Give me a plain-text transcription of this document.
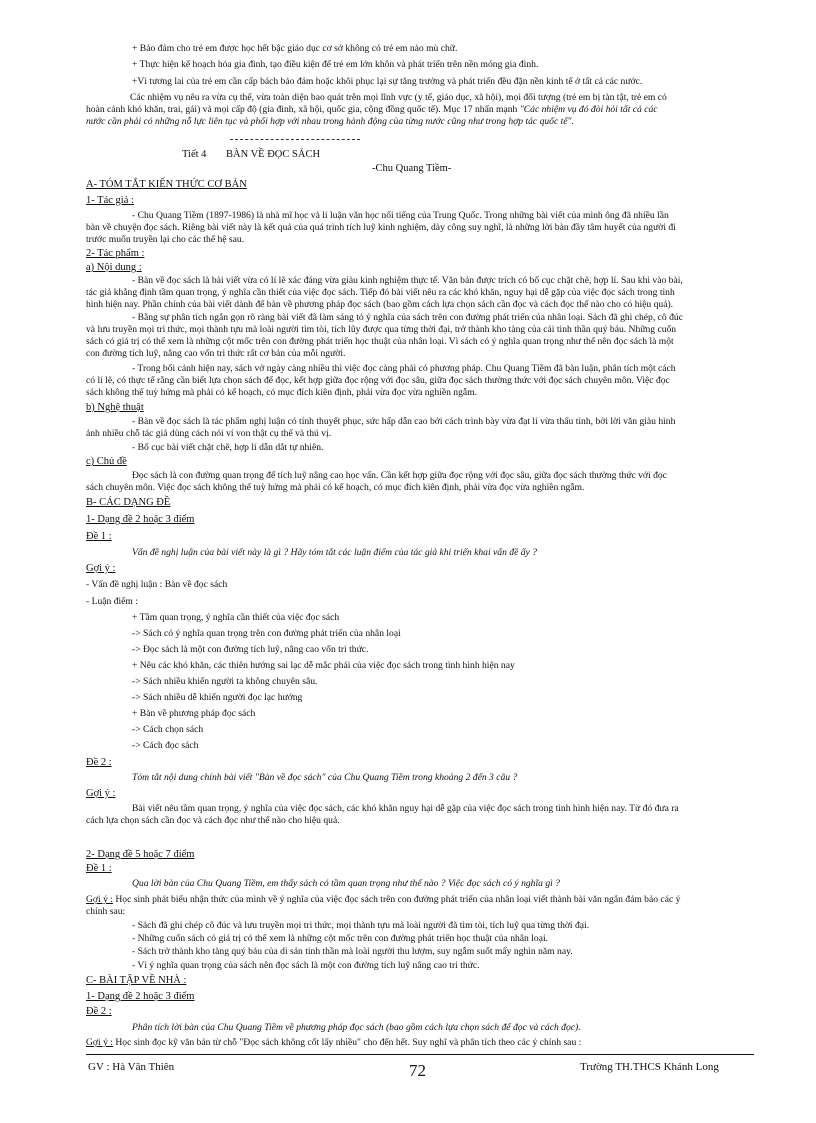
+ Bảo đảm cho trẻ em được học hết bậc giáo dục cơ sở không có trẻ em nào mù chữ.
+ Thực hiện kế hoạch hóa gia đình, tạo điều kiện để trẻ em lớn khôn và phát triển trên nền móng gia đình.
+Vì tương lai của trẻ em cần cấp bách bảo đảm hoặc khôi phục lại sự tăng trưởng và phát triển đều đặn nền kinh tế ở tất cả các nước.
Các nhiệm vụ nêu ra vừa cụ thể, vừa toàn diện bao quát trên mọi lĩnh vực (y tế, giáo dục, xã hội), mọi đối tượng (trẻ em bị tàn tật, trẻ em có
hoàn cảnh khó khăn, trai, gái) và mọi cấp độ (gia đình, xã hội, quốc gia, cộng đồng quốc tế). Mục 17 nhấn mạnh "Các nhiệm vụ đó đòi hỏi tất cả các
nước cần phải có những nỗ lực liên tục và phối hợp với nhau trong hành động của từng nước cũng như trong hợp tác quốc tế".
Tiết 4 BÀN VỀ ĐỌC SÁCH
-Chu Quang Tiềm-
A- TÓM TẮT KIẾN THỨC CƠ BẢN
1- Tác giả :
- Chu Quang Tiềm (1897-1986) là nhà mĩ học và lí luận văn học nổi tiếng của Trung Quốc. Trong những bài viết của mình ông đã nhiều lần
bàn về chuyện đọc sách. Riêng bài viết này là kết quả của quá trình tích luỹ kinh nghiệm, dày công suy nghĩ, là những lời bàn đầy tâm huyết của người đi
trước muốn truyền lại cho các thế hệ sau.
2- Tác phẩm :
a) Nội dung :
- Bàn về đọc sách là bài viết vừa có lí lẽ xác đáng vừa giàu kinh nghiệm thực tế. Văn bản được trích có bố cục chặt chẽ, hợp lí. Sau khi vào bài,
tác giả khẳng định tầm quan trọng, ý nghĩa cần thiết của việc đọc sách. Tiếp đó bài viết nêu ra các khó khăn, nguy hại dễ gặp của việc đọc sách trong tình
hình hiện nay. Phần chính của bài viết dành để bàn về phương pháp đọc sách (bao gồm cách lựa chọn sách cần đọc và cách đọc thế nào cho có hiệu quả).
- Bằng sự phân tích ngắn gọn rõ ràng bài viết đã làm sáng tỏ ý nghĩa của sách trên con đường phát triển của nhân loại. Sách đã ghi chép, cô đúc
và lưu truyền mọi tri thức, mọi thành tựu mà loài người tìm tòi, tích lũy được qua từng thời đại, trở thành kho tàng của cải tinh thần quý báu. Những cuốn
sách có giá trị có thể xem là những cột mốc trên con đường phát triển học thuật của nhân loại. Vì sách có ý nghĩa quan trọng như thế nên đọc sách là một
con đường tích luỹ, nâng cao vốn tri thức rất cơ bản của mỗi người.
- Trong bối cảnh hiện nay, sách vở ngày càng nhiều thì việc đọc càng phải có phương pháp. Chu Quang Tiềm đã bàn luận, phân tích một cách
có lí lẽ, có thực tế rằng cần biết lựa chọn sách để đọc, kết hợp giữa đọc rộng với đọc sâu, giữa đọc sách thường thức với đọc sách chuyên môn. Việc đọc
sách không thể tuỳ hứng mà phải có kế hoạch, có mục đích kiên định, phải vừa đọc vừa nghiền ngẫm.
b) Nghệ thuật
- Bàn về đọc sách là tác phẩm nghị luận có tính thuyết phục, sức hấp dẫn cao bởi cách trình bày vừa đạt lí vừa thấu tình, bởi lời văn giàu hình
ảnh nhiều chỗ tác giả dùng cách nói ví von thật cụ thể và thú vị.
- Bố cục bài viết chặt chẽ, hợp lí dẫn dắt tự nhiên.
c) Chủ đề
Đọc sách là con đường quan trọng để tích luỹ nâng cao học vấn. Cần kết hợp giữa đọc rộng với đọc sâu, giữa đọc sách thường thức với đọc
sách chuyên môn. Việc đọc sách không thể tuỳ hứng mà phải có kế hoạch, có mục đích kiên định, phải vừa đọc vừa nghiền ngẫm.
B- CÁC DẠNG ĐỀ
1- Dạng đề 2 hoặc 3 điểm
Đề 1 :
Vấn đề nghị luận của bài viết này là gì ? Hãy tóm tắt các luận điểm của tác giả khi triển khai vấn đề ấy ?
Gợi ý :
- Vấn đề nghị luận : Bàn về đọc sách
- Luận điểm :
+ Tầm quan trọng, ý nghĩa cần thiết của việc đọc sách
-> Sách có ý nghĩa quan trọng trên con đường phát triển của nhân loại
-> Đọc sách là một con đường tích luỹ, nâng cao vốn tri thức.
+ Nêu các khó khăn, các thiên hướng sai lạc dễ mắc phải của việc đọc sách trong tình hình hiện nay
-> Sách nhiều khiến người ta không chuyên sâu.
-> Sách nhiều dễ khiến người đọc lạc hướng
+ Bàn về phương pháp đọc sách
-> Cách chọn sách
-> Cách đọc sách
Đề 2 :
Tóm tắt nội dung chính bài viết "Bàn về đọc sách" của Chu Quang Tiềm trong khoảng 2 đến 3 câu ?
Gợi ý :
Bài viết nêu tầm quan trọng, ý nghĩa của việc đọc sách, các khó khăn nguy hại dễ gặp của việc đọc sách trong tình hình hiện nay. Từ đó đưa ra
cách lựa chọn sách cần đọc và cách đọc như thế nào cho hiệu quả.
2- Dạng đề 5 hoặc 7 điểm
Đề 1 :
Qua lời bàn của Chu Quang Tiềm, em thấy sách có tầm quan trọng như thế nào ? Việc đọc sách có ý nghĩa gì ?
Gợi ý : Học sinh phát biểu nhận thức của mình về ý nghĩa của việc đọc sách trên con đường phát triển của nhân loại viết thành bài văn ngắn đảm bảo các ý
chính sau:
- Sách đã ghi chép cô đúc và lưu truyền mọi tri thức, mọi thành tựu mà loài người đã tìm tòi, tích luỹ qua từng thời đại.
- Những cuốn sách có giá trị có thể xem là những cột mốc trên con đường phát triển học thuật của nhân loại.
- Sách trở thành kho tàng quý báu của di sản tinh thần mà loài người thu lượm, suy ngẫm suốt mấy nghìn năm nay.
- Vì ý nghĩa quan trọng của sách nên đọc sách là một con đường tích luỹ nâng cao tri thức.
C- BÀI TẬP VỀ NHÀ :
1- Dạng đề 2 hoặc 3 điểm
Đề 2 :
Phân tích lời bàn của Chu Quang Tiềm về phương pháp đọc sách (bao gồm cách lựa chọn sách để đọc và cách đọc).
Gợi ý : Học sinh đọc kỹ văn bản từ chỗ "Đọc sách không cốt lấy nhiều" cho đến hết. Suy nghĩ và phân tích theo các ý chính sau :
GV : Hà Văn Thiên	72	Trường TH.THCS Khánh Long
